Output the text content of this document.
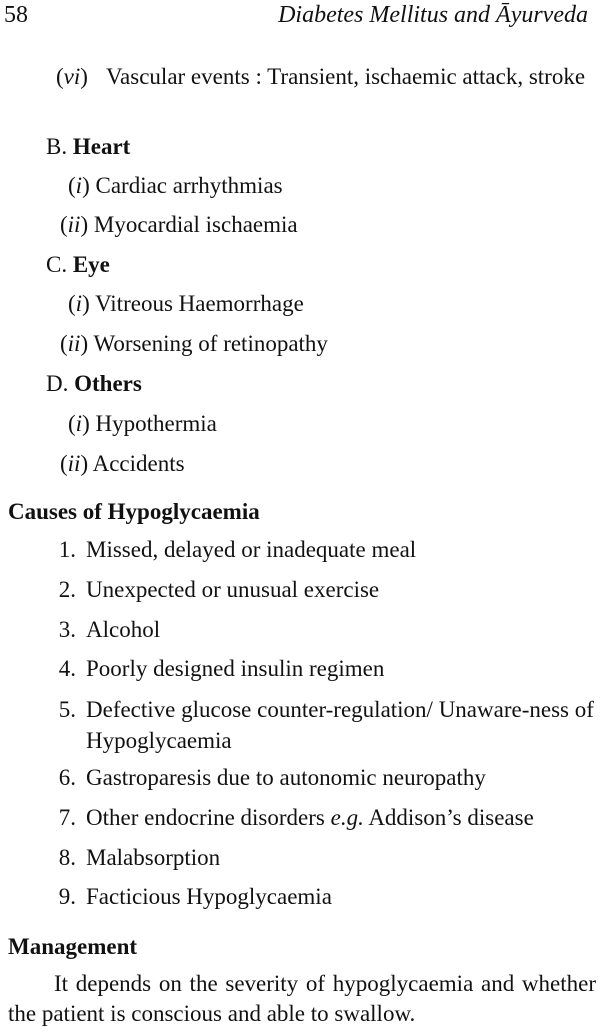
58	Diabetes Mellitus and Āyurveda
(vi) Vascular events : Transient, ischaemic attack, stroke
B. Heart
(i) Cardiac arrhythmias
(ii) Myocardial ischaemia
C. Eye
(i) Vitreous Haemorrhage
(ii) Worsening of retinopathy
D. Others
(i) Hypothermia
(ii) Accidents
Causes of Hypoglycaemia
1. Missed, delayed or inadequate meal
2. Unexpected or unusual exercise
3. Alcohol
4. Poorly designed insulin regimen
5. Defective glucose counter-regulation/ Unaware-ness of Hypoglycaemia
6. Gastroparesis due to autonomic neuropathy
7. Other endocrine disorders e.g. Addison’s disease
8. Malabsorption
9. Facticious Hypoglycaemia
Management
It depends on the severity of hypoglycaemia and whether the patient is conscious and able to swallow.
